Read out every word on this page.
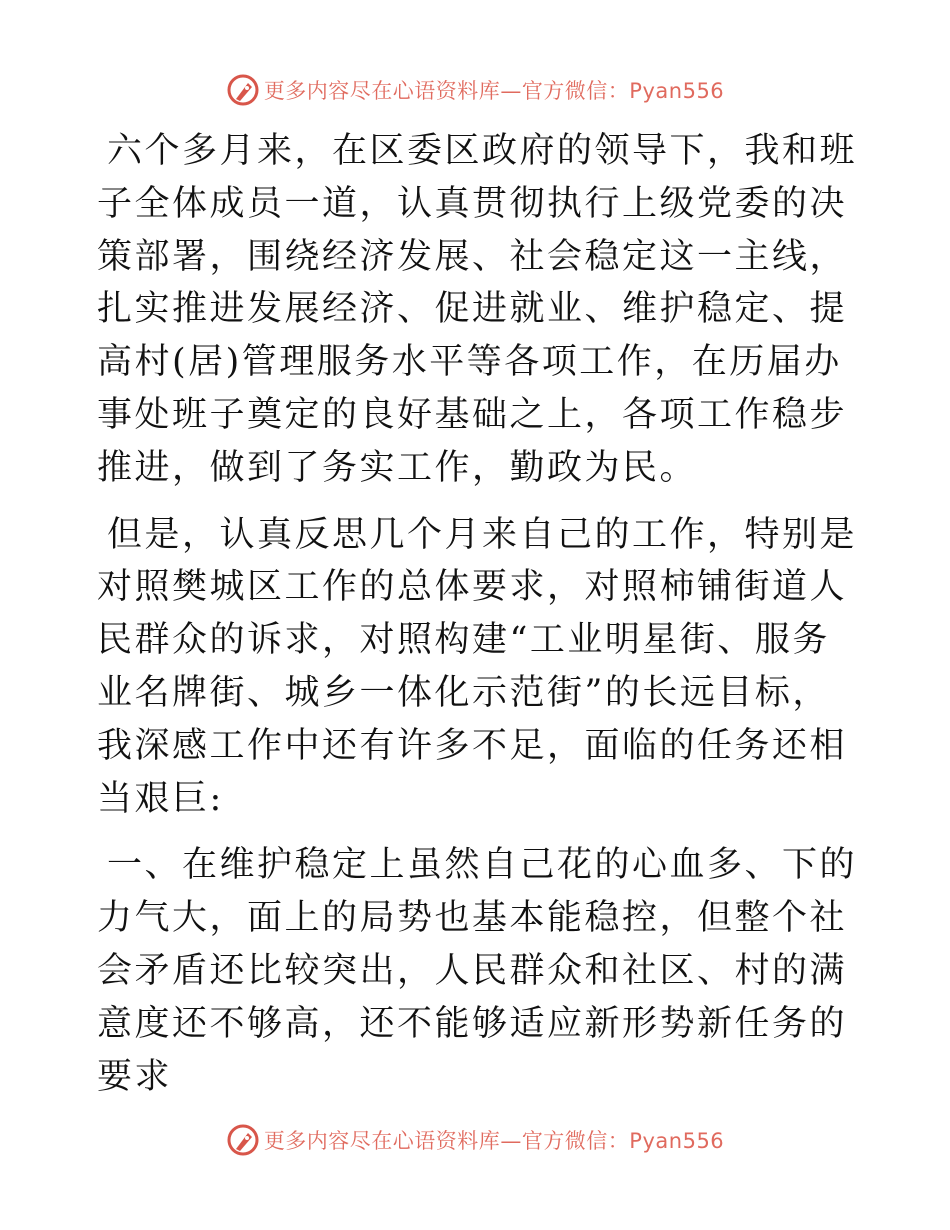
更多内容尽在心语资料库—官方微信：Pyan556

六个多月来，在区委区政府的领导下，我和班子全体成员一道，认真贯彻执行上级党委的决策部署，围绕经济发展、社会稳定这一主线，扎实推进发展经济、促进就业、维护稳定、提高村(居)管理服务水平等各项工作，在历届办事处班子奠定的良好基础之上，各项工作稳步推进，做到了务实工作，勤政为民。

但是，认真反思几个月来自己的工作，特别是对照樊城区工作的总体要求，对照柿铺街道人民群众的诉求，对照构建“工业明星街、服务业名牌街、城乡一体化示范街”的长远目标，我深感工作中还有许多不足，面临的任务还相当艰巨:

一、在维护稳定上虽然自己花的心血多、下的力气大，面上的局势也基本能稳控，但整个社会矛盾还比较突出，人民群众和社区、村的满意度还不够高，还不能够适应新形势新任务的要求

更多内容尽在心语资料库—官方微信：Pyan556
